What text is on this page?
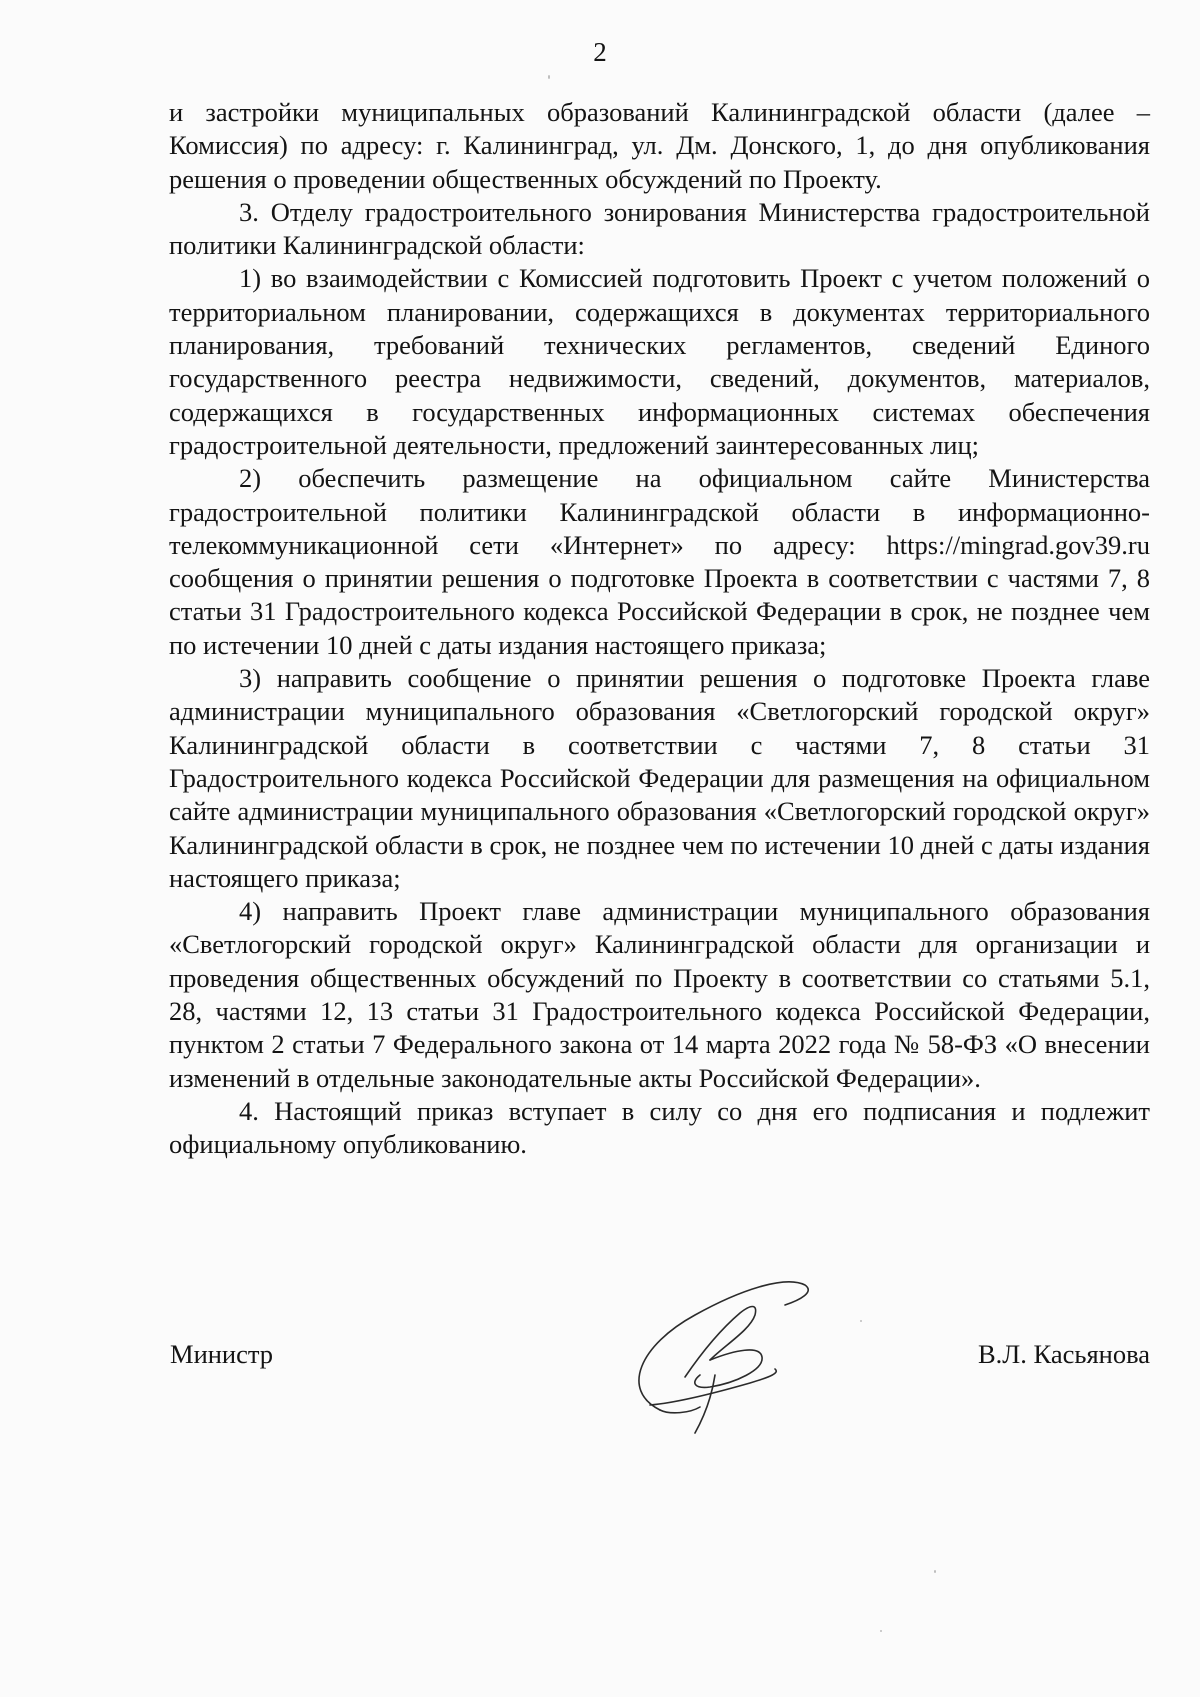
2

и застройки муниципальных образований Калининградской области (далее – Комиссия) по адресу: г. Калининград, ул. Дм. Донского, 1, до дня опубликования решения о проведении общественных обсуждений по Проекту.

3. Отделу градостроительного зонирования Министерства градостроительной политики Калининградской области:

1) во взаимодействии с Комиссией подготовить Проект с учетом положений о территориальном планировании, содержащихся в документах территориального планирования, требований технических регламентов, сведений Единого государственного реестра недвижимости, сведений, документов, материалов, содержащихся в государственных информационных системах обеспечения градостроительной деятельности, предложений заинтересованных лиц;

2) обеспечить размещение на официальном сайте Министерства градостроительной политики Калининградской области в информационно-телекоммуникационной сети «Интернет» по адресу: https://mingrad.gov39.ru сообщения о принятии решения о подготовке Проекта в соответствии с частями 7, 8 статьи 31 Градостроительного кодекса Российской Федерации в срок, не позднее чем по истечении 10 дней с даты издания настоящего приказа;

3) направить сообщение о принятии решения о подготовке Проекта главе администрации муниципального образования «Светлогорский городской округ» Калининградской области в соответствии с частями 7, 8 статьи 31 Градостроительного кодекса Российской Федерации для размещения на официальном сайте администрации муниципального образования «Светлогорский городской округ» Калининградской области в срок, не позднее чем по истечении 10 дней с даты издания настоящего приказа;

4) направить Проект главе администрации муниципального образования «Светлогорский городской округ» Калининградской области для организации и проведения общественных обсуждений по Проекту в соответствии со статьями 5.1, 28, частями 12, 13 статьи 31 Градостроительного кодекса Российской Федерации, пунктом 2 статьи 7 Федерального закона от 14 марта 2022 года № 58-ФЗ «О внесении изменений в отдельные законодательные акты Российской Федерации».

4. Настоящий приказ вступает в силу со дня его подписания и подлежит официальному опубликованию.

Министр	В.Л. Касьянова
